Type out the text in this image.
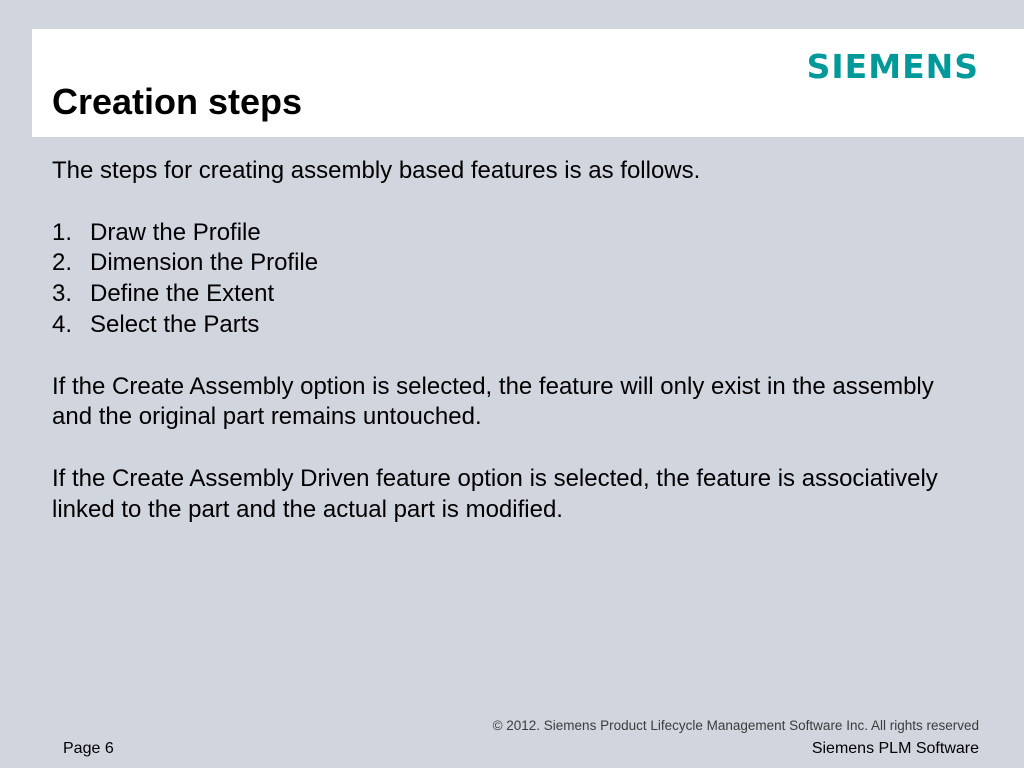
SIEMENS
Creation steps

The steps for creating assembly based features is as follows.

1. Draw the Profile
2. Dimension the Profile
3. Define the Extent
4. Select the Parts

If the Create Assembly option is selected, the feature will only exist in the assembly and the original part remains untouched.

If the Create Assembly Driven feature option is selected, the feature is associatively linked to the part and the actual part is modified.

© 2012. Siemens Product Lifecycle Management Software Inc. All rights reserved
Page 6	Siemens PLM Software
